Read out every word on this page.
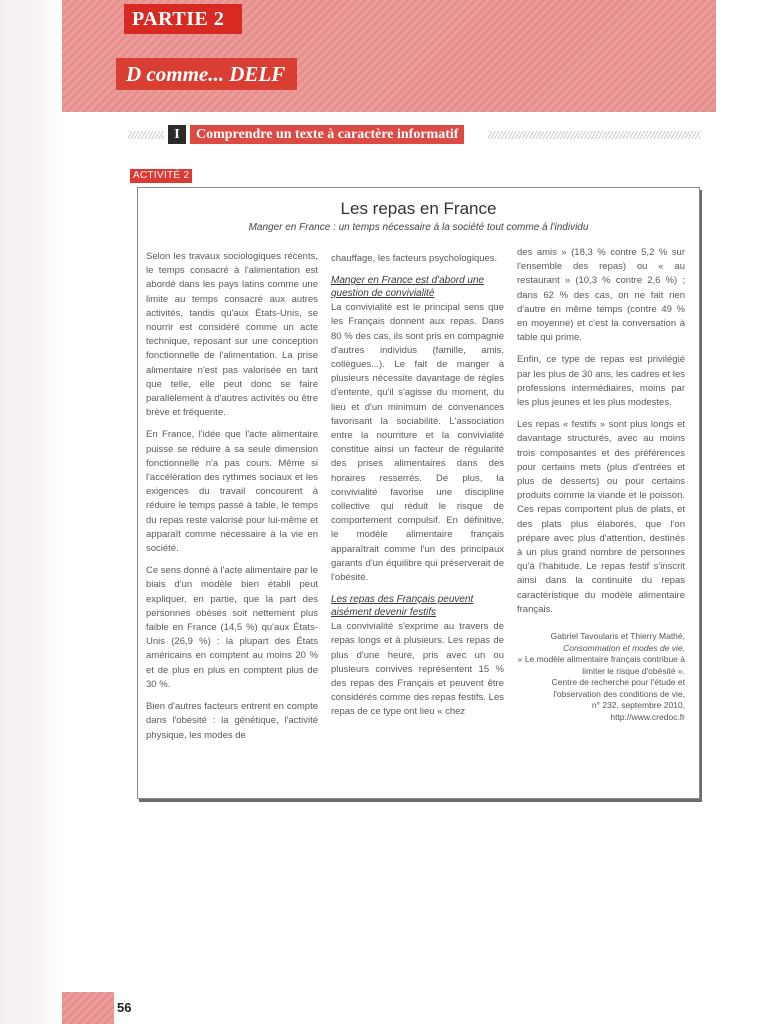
PARTIE 2
D comme... DELF
I	Comprendre un texte à caractère informatif
ACTIVITÉ 2
Les repas en France
Manger en France : un temps nécessaire à la société tout comme à l'individu

Selon les travaux sociologiques récents, le temps consacré à l'alimentation est abordé dans les pays latins comme une limite au temps consacré aux autres activités, tandis qu'aux États-Unis, se nourrir est considéré comme un acte technique, reposant sur une conception fonctionnelle de l'alimentation. La prise alimentaire n'est pas valorisée en tant que telle, elle peut donc se faire parallèlement à d'autres activités ou être brève et fréquente.

En France, l'idée que l'acte alimentaire puisse se réduire à sa seule dimension fonctionnelle n'a pas cours. Même si l'accélération des rythmes sociaux et les exigences du travail concourent à réduire le temps passé à table, le temps du repas reste valorisé pour lui-même et apparaît comme nécessaire à la vie en société.

Ce sens donné à l'acte alimentaire par le biais d'un modèle bien établi peut expliquer, en partie, que la part des personnes obèses soit nettement plus faible en France (14,5 %) qu'aux États-Unis (26,9 %) : la plupart des États américains en comptent au moins 20 % et de plus en plus en comptent plus de 30 %.

Bien d'autres facteurs entrent en compte dans l'obésité : la génétique, l'activité physique, les modes de

chauffage, les facteurs psychologiques.

Manger en France est d'abord une question de convivialité

La convivialité est le principal sens que les Français donnent aux repas. Dans 80 % des cas, ils sont pris en compagnie d'autres individus (famille, amis, collègues...). Le fait de manger à plusieurs nécessite davantage de règles d'entente, qu'il s'agisse du moment, du lieu et d'un minimum de convenances favorisant la sociabilité. L'association entre la nourriture et la convivialité constitue ainsi un facteur de régularité des prises alimentaires dans des horaires resserrés. De plus, la convivialité favorise une discipline collective qui réduit le risque de comportement compulsif. En définitive, le modèle alimentaire français apparaîtrait comme l'un des principaux garants d'un équilibre qui préserverait de l'obésité.

Les repas des Français peuvent aisément devenir festifs

La convivialité s'exprime au travers de repas longs et à plusieurs. Les repas de plus d'une heure, pris avec un ou plusieurs convives représentent 15 % des repas des Français et peuvent être considérés comme des repas festifs. Les repas de ce type ont lieu « chez

des amis » (18,3 % contre 5,2 % sur l'ensemble des repas) ou « au restaurant » (10,3 % contre 2,6 %) ; dans 62 % des cas, on ne fait rien d'autre en même temps (contre 49 % en moyenne) et c'est la conversation à table qui prime.

Enfin, ce type de repas est privilégié par les plus de 30 ans, les cadres et les professions intermédiaires, moins par les plus jeunes et les plus modestes.

Les repas « festifs » sont plus longs et davantage structurés, avec au moins trois composantes et des préférences pour certains mets (plus d'entrées et plus de desserts) ou pour certains produits comme la viande et le poisson. Ces repas comportent plus de plats, et des plats plus élaborés, que l'on prépare avec plus d'attention, destinés à un plus grand nombre de personnes qu'à l'habitude. Le repas festif s'inscrit ainsi dans la continuité du repas caractéristique du modèle alimentaire français.

Gabriel Tavoularis et Thierry Mathé,
Consommation et modes de vie,
« Le modèle alimentaire français contribue à limiter le risque d'obésité ».
Centre de recherche pour l'étude et l'observation des conditions de vie,
n° 232, septembre 2010,
http://www.credoc.fr
56
